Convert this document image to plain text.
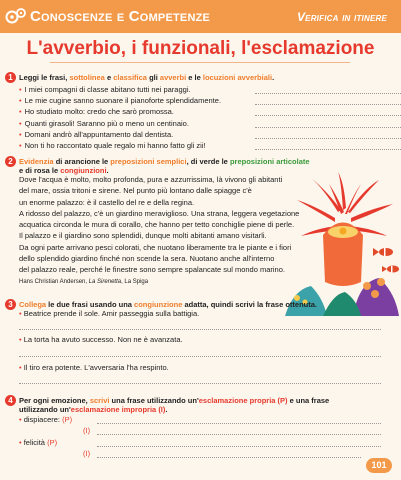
Conoscenze e Competenze	Verifica in itinere
L'avverbio, i funzionali, l'esclamazione
1 Leggi le frasi, sottolinea e classifica gli avverbi e le locuzioni avverbiali.
• I miei compagni di classe abitano tutti nei paraggi.
• Le mie cugine sanno suonare il pianoforte splendidamente.
• Ho studiato molto: credo che sarò promossa.
• Quanti girasoli! Saranno più o meno un centinaio.
• Domani andrò all'appuntamento dal dentista.
• Non ti ho raccontato quale regalo mi hanno fatto gli zii!
2 Evidenzia di arancione le preposizioni semplici, di verde le preposizioni articolate
e di rosa le congiunzioni.
Dove l'acqua è molto, molto profonda, pura e azzurrissima, là vivono gli abitanti
del mare, ossia tritoni e sirene. Nel punto più lontano dalle spiagge c'è
un enorme palazzo: è il castello del re e della regina.
A ridosso del palazzo, c'è un giardino meraviglioso. Una strana, leggera vegetazione
acquatica circonda le mura di corallo, che hanno per tetto conchiglie piene di perle.
Il palazzo e il giardino sono splendidi, dunque molti abitanti amano visitarli.
Da ogni parte arrivano pesci colorati, che nuotano liberamente tra le piante e i fiori
dello splendido giardino finché non scende la sera. Nuotano anche all'interno
del palazzo reale, perché le finestre sono sempre spalancate sul mondo marino.
Hans Christian Andersen, La Sirenetta, La Spiga
3 Collega le due frasi usando una congiunzione adatta, quindi scrivi la frase ottenuta.
• Beatrice prende il sole. Amir passeggia sulla battigia.
• La torta ha avuto successo. Non ne è avanzata.
• Il tiro era potente. L'avversaria l'ha respinto.
4 Per ogni emozione, scrivi una frase utilizzando un'esclamazione propria (P) e una frase
utilizzando un'esclamazione impropria (I).
• dispiacere: (P)
(I)
• felicità (P)
(I)
101
